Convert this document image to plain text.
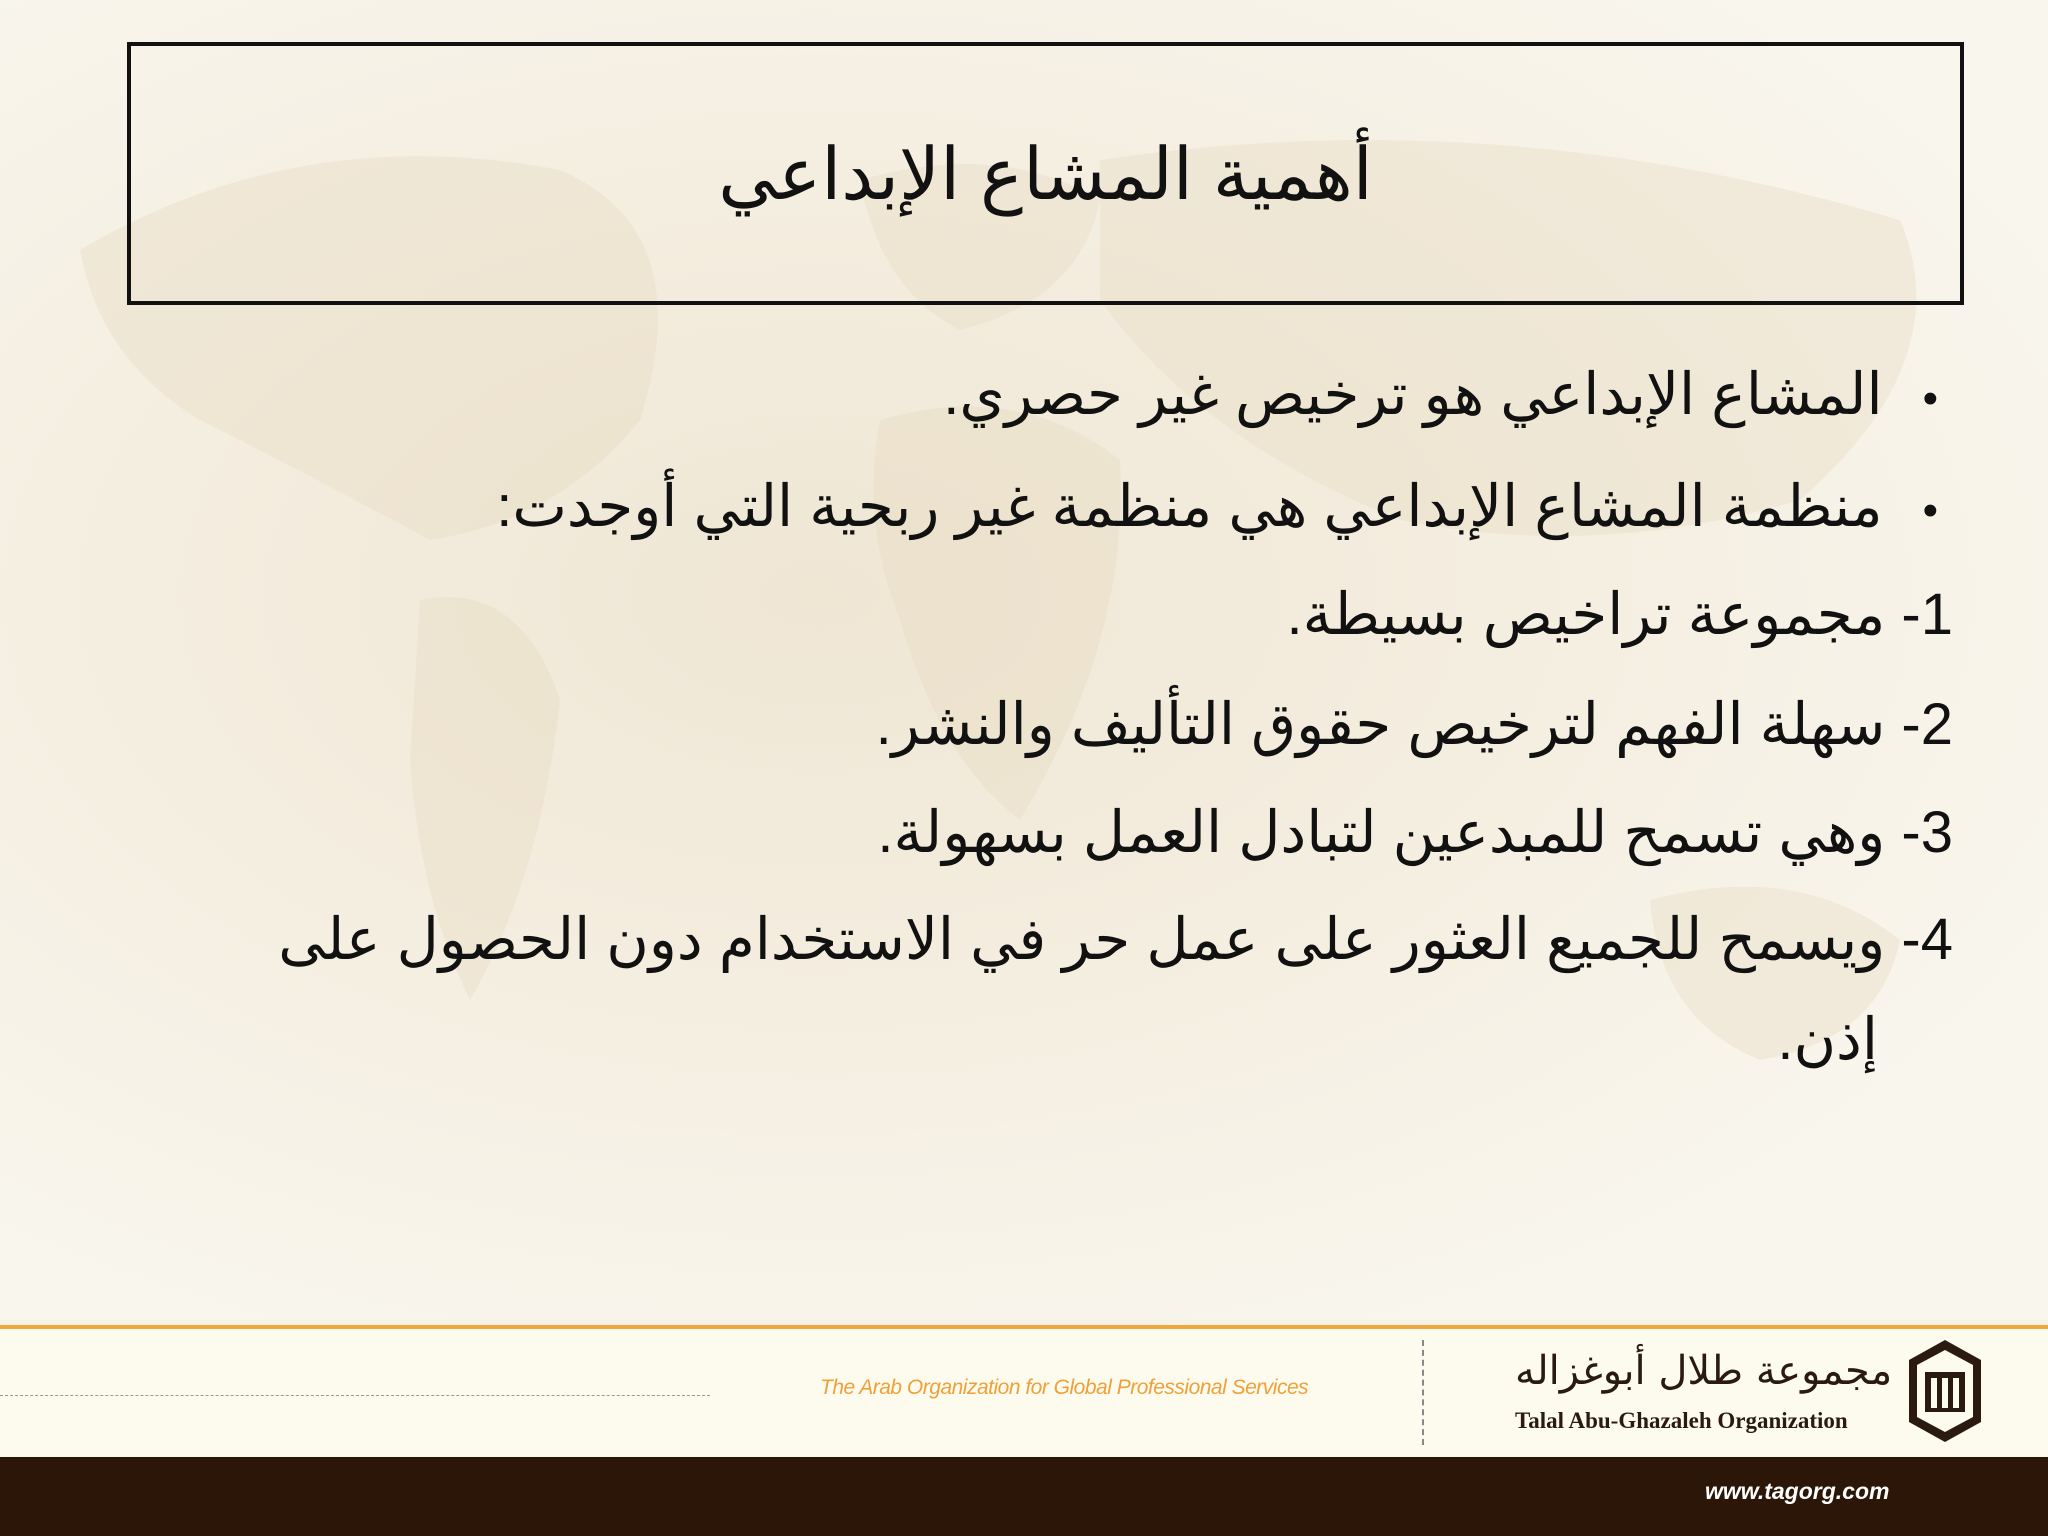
أهمية المشاع الإبداعي
• المشاع الإبداعي هو ترخيص غير حصري.
• منظمة المشاع الإبداعي هي منظمة غير ربحية التي أوجدت:
1- مجموعة تراخيص بسيطة.
2- سهلة الفهم لترخيص حقوق التأليف والنشر.
3- وهي تسمح للمبدعين لتبادل العمل بسهولة.
4- ويسمح للجميع العثور على عمل حر في الاستخدام دون الحصول على
إذن.
The Arab Organization for Global Professional Services	مجموعة طلال أبوغزاله
Talal Abu-Ghazaleh Organization
www.tagorg.com
